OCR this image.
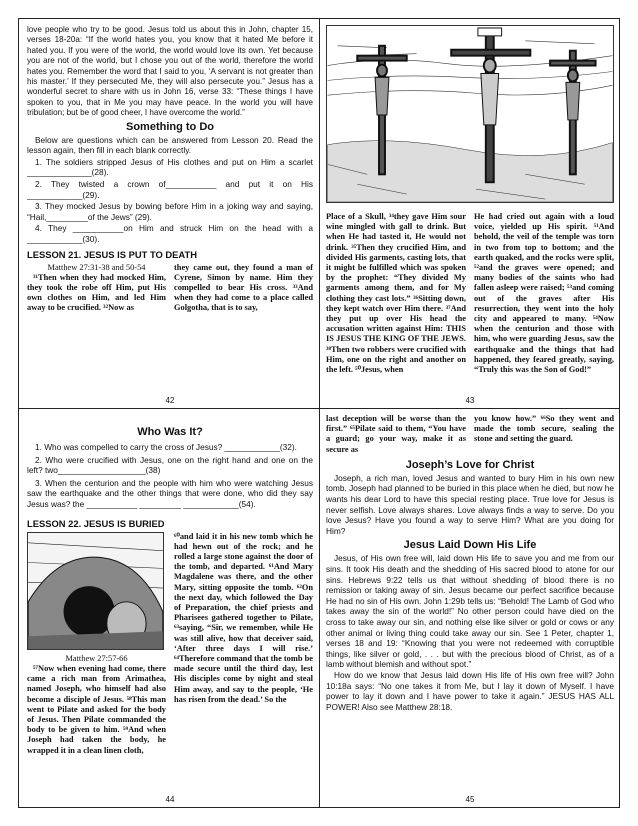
love people who try to be good. Jesus told us about this in John, chapter 15, verses 18-20a: “If the world hates you, you know that it hated Me before it hated you. If you were of the world, the world would love its own. Yet because you are not of the world, but I chose you out of the world, therefore the world hates you. Remember the word that I said to you, ‘A servant is not greater than his master.’ If they persecuted Me, they will also persecute you.” Jesus has a wonderful secret to share with us in John 16, verse 33: “These things I have spoken to you, that in Me you may have peace. In the world you will have tribulation; but be of good cheer, I have overcome the world.”

Something to Do

Below are questions which can be answered from Lesson 20. Read the lesson again, then fill in each blank correctly.

1. The soldiers stripped Jesus of His clothes and put on Him a scarlet ______________(28).

2. They twisted a crown of___________ and put it on His ____________(29).

3. They mocked Jesus by bowing before Him in a joking way and saying, “Hail,_________of the Jews” (29).

4. They ___________on Him and struck Him on the head with a ____________(30).

LESSON 21. JESUS IS PUT TO DEATH
Matthew 27:31-38 and 50-54
³¹Then when they had mocked Him, they took the robe off Him, put His own clothes on Him, and led Him away to be crucified. ³²Now as
they came out, they found a man of Cyrene, Simon by name. Him they compelled to bear His cross. ³³And when they had come to a place called Golgotha, that is to say,
42
Place of a Skull, ³⁴they gave Him sour wine mingled with gall to drink. But when He had tasted it, He would not drink. ³⁵Then they crucified Him, and divided His garments, casting lots, that it might be fulfilled which was spoken by the prophet: “They divided My garments among them, and for My clothing they cast lots.” ³⁶Sitting down, they kept watch over Him there. ³⁷And they put up over His head the accusation written against Him: THIS IS JESUS THE KING OF THE JEWS. ³⁸Then two robbers were crucified with Him, one on the right and another on the left. ⁵⁰Jesus, when
He had cried out again with a loud voice, yielded up His spirit. ⁵¹And behold, the veil of the temple was torn in two from top to bottom; and the earth quaked, and the rocks were split, ⁵²and the graves were opened; and many bodies of the saints who had fallen asleep were raised; ⁵³and coming out of the graves after His resurrection, they went into the holy city and appeared to many. ⁵⁴Now when the centurion and those with him, who were guarding Jesus, saw the earthquake and the things that had happened, they feared greatly, saying, “Truly this was the Son of God!”
43
Who Was It?

1. Who was compelled to carry the cross of Jesus? ____________(32).

2. Who were crucified with Jesus, one on the right hand and one on the left? two___________________(38)

3. When the centurion and the people with him who were watching Jesus saw the earthquake and the other things that were done, who did they say Jesus was? the ___________ _________ ____________(54).

LESSON 22. JESUS IS BURIED
Matthew 27:57-66
⁵⁷Now when evening had come, there came a rich man from Arimathea, named Joseph, who himself had also become a disciple of Jesus. ⁵⁸This man went to Pilate and asked for the body of Jesus. Then Pilate commanded the body to be given to him. ⁵⁹And when Joseph had taken the body, he wrapped it in a clean linen cloth,
⁶⁰and laid it in his new tomb which he had hewn out of the rock; and he rolled a large stone against the door of the tomb, and departed. ⁶¹And Mary Magdalene was there, and the other Mary, sitting opposite the tomb. ⁶²On the next day, which followed the Day of Preparation, the chief priests and Pharisees gathered together to Pilate, ⁶³saying, “Sir, we remember, while He was still alive, how that deceiver said, ‘After three days I will rise.’ ⁶⁴Therefore command that the tomb be made secure until the third day, lest His disciples come by night and steal Him away, and say to the people, ‘He has risen from the dead.’ So the
44
last deception will be worse than the first.” ⁶⁵Pilate said to them, “You have a guard; go your way, make it as secure as
you know how.” ⁶⁶So they went and made the tomb secure, sealing the stone and setting the guard.
Joseph’s Love for Christ

Joseph, a rich man, loved Jesus and wanted to bury Him in his own new tomb. Joseph had planned to be buried in this place when he died, but now he wants his dear Lord to have this special resting place. True love for Jesus is never selfish. Love always shares. Love always finds a way to serve. Do you love Jesus? Have you found a way to serve Him? What are you doing for Him?

Jesus Laid Down His Life

Jesus, of His own free will, laid down His life to save you and me from our sins. It took His death and the shedding of His sacred blood to atone for our sins. Hebrews 9:22 tells us that without shedding of blood there is no remission or taking away of sin. Jesus became our perfect sacrifice because He had no sin of His own. John 1:29b tells us: “Behold! The Lamb of God who takes away the sin of the world!” No other person could have died on the cross to take away our sin, and nothing else like silver or gold or cows or any other animal or living thing could take away our sin. See 1 Peter, chapter 1, verses 18 and 19: “Knowing that you were not redeemed with corruptible things, like silver or gold, . . . but with the precious blood of Christ, as of a lamb without blemish and without spot.”

How do we know that Jesus laid down His life of His own free will? John 10:18a says: “No one takes it from Me, but I lay it down of Myself. I have power to lay it down and I have power to take it again.” JESUS HAS ALL POWER! Also see Matthew 28:18.

45
